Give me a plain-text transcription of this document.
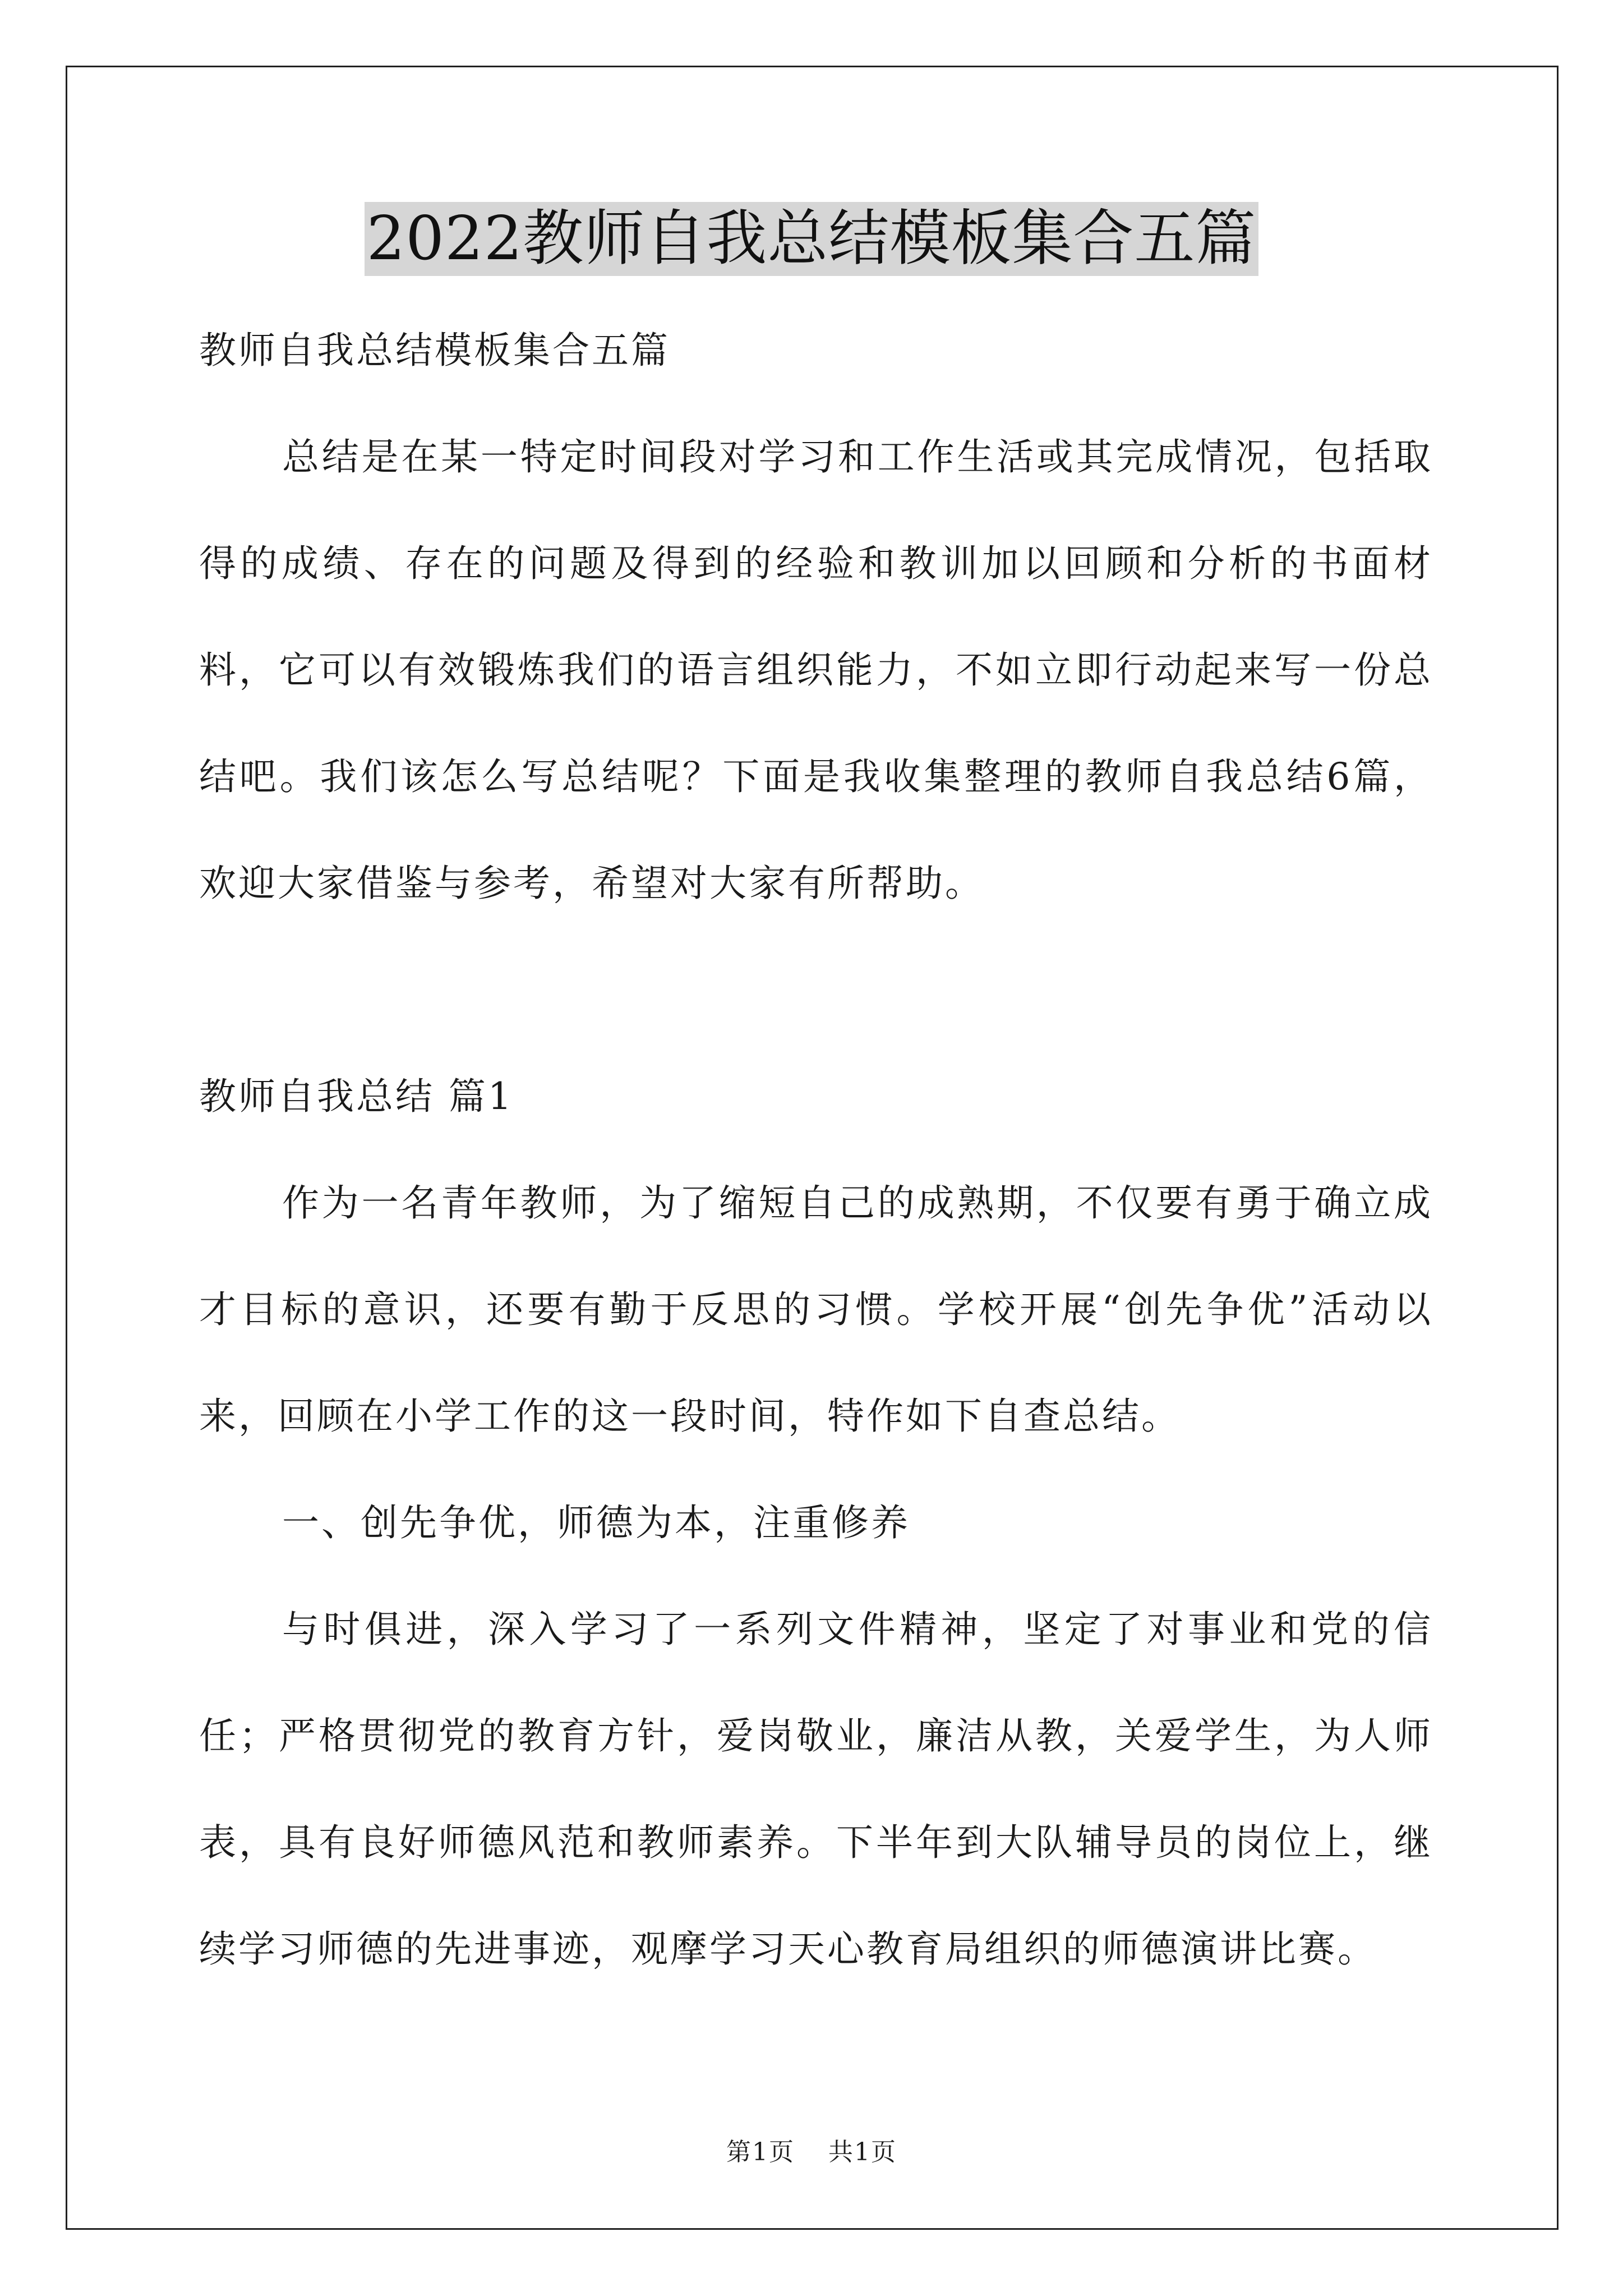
2022教师自我总结模板集合五篇

教师自我总结模板集合五篇

总结是在某一特定时间段对学习和工作生活或其完成情况，包括取得的成绩、存在的问题及得到的经验和教训加以回顾和分析的书面材料，它可以有效锻炼我们的语言组织能力，不如立即行动起来写一份总结吧。我们该怎么写总结呢？下面是我收集整理的教师自我总结6篇，欢迎大家借鉴与参考，希望对大家有所帮助。

教师自我总结 篇1

作为一名青年教师，为了缩短自己的成熟期，不仅要有勇于确立成才目标的意识，还要有勤于反思的习惯。学校开展“创先争优”活动以来，回顾在小学工作的这一段时间，特作如下自查总结。

一、创先争优，师德为本，注重修养

与时俱进，深入学习了一系列文件精神，坚定了对事业和党的信任；严格贯彻党的教育方针，爱岗敬业，廉洁从教，关爱学生，为人师表，具有良好师德风范和教师素养。下半年到大队辅导员的岗位上，继续学习师德的先进事迹，观摩学习天心教育局组织的师德演讲比赛。

第1页 共1页
